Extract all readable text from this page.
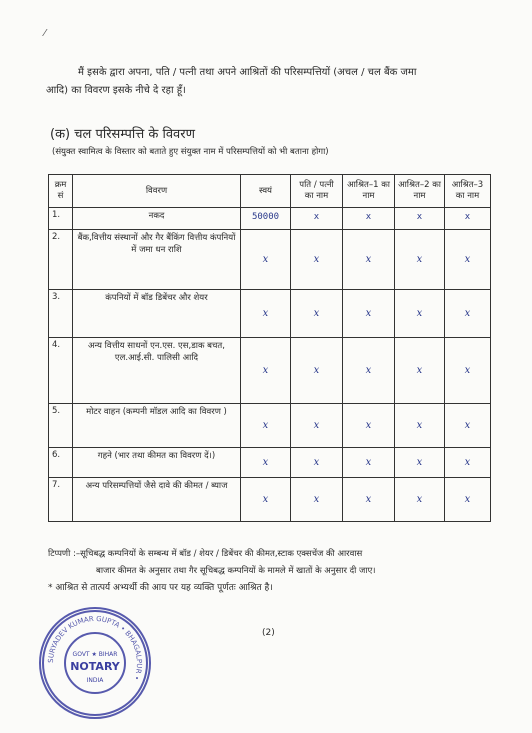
⁄
मैं इसके द्वारा अपना, पति / पत्नी तथा अपने आश्रितों की परिसम्पत्तियों (अचल / चल बैंक जमा
आदि) का विवरण इसके नीचे दे रहा हूँ।
(क) चल परिसम्पत्ति के विवरण
(संयुक्त स्वामित्व के विस्तार को बताते हुए संयुक्त नाम में परिसम्पत्तियों को भी बताना होगा)
क्रम सं	विवरण	स्वयं	पति / पत्नी का नाम	आश्रित–1 का नाम	आश्रित–2 का नाम	आश्रित–3 का नाम
1.	नकद	50000	x	x	x	x
2.	बैंक,वित्तीय संस्थानों और गैर बैंकिंग वित्तीय कंपनियों में जमा धन राशि	x	x	x	x	x
3.	कंपनियों में बॉड डिबेंचर और शेयर	x	x	x	x	x
4.	अन्य वित्तीय साधनों एन.एस. एस,डाक बचत, एल.आई.सी. पालिसी आदि	x	x	x	x	x
5.	मोटर वाहन (कम्पनी मॉडल आदि का विवरण )	x	x	x	x	x
6.	गहने (भार तथा कीमत का विवरण दें।)	x	x	x	x	x
7.	अन्य परिसम्पत्तियों जैसे दावे की कीमत / ब्याज	x	x	x	x	x
टिप्पणी :–सूचिबद्ध कम्पनियों के सम्बन्ध में बॉड / शेयर / डिबेंचर की कीमत,स्टाक एक्सचेंज की आरवास
बाजार कीमत के अनुसार तथा गैर सूचिबद्ध कम्पनियों के मामले में खातों के अनुसार दी जाए।
* आश्रित से तात्पर्य अभ्यर्थी की आय पर यह व्यक्ति पूर्णतः आश्रित है।
(2)
SURYADEV KUMAR GUPTA • BHAGALPUR •
GOVT ★ BIHAR
NOTARY
INDIA
